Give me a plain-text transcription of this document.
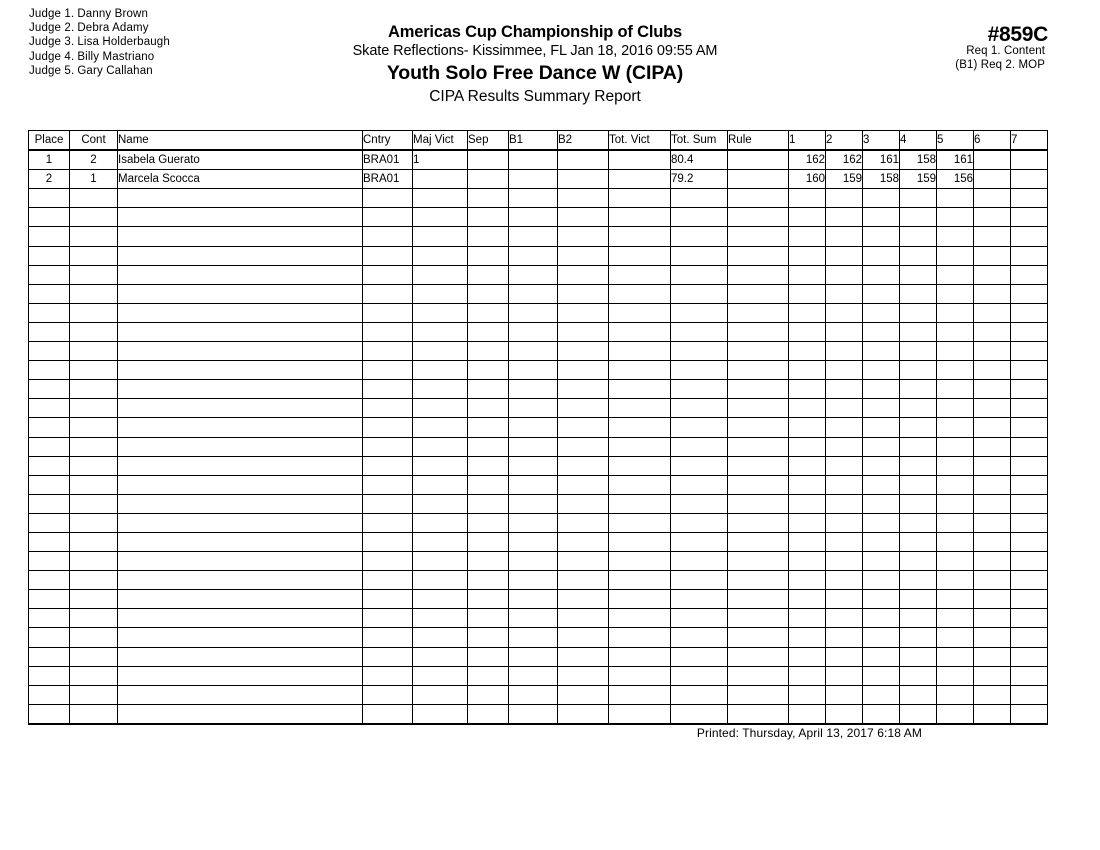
Judge 1. Danny Brown
Judge 2. Debra Adamy
Judge 3. Lisa Holderbaugh
Judge 4. Billy Mastriano
Judge 5. Gary Callahan
Americas Cup Championship of Clubs
Skate Reflections- Kissimmee, FL Jan 18, 2016 09:55 AM
Youth Solo Free Dance W (CIPA)
CIPA Results Summary Report
#859C
Req 1. Content
(B1) Req 2. MOP
Place	Cont	Name	Cntry	Maj Vict	Sep	B1	B2	Tot. Vict	Tot. Sum	Rule	1	2	3	4	5	6	7
1	2	Isabela Guerato	BRA01	1					80.4		162	162	161	158	161		
2	1	Marcela Scocca	BRA01						79.2		160	159	158	159	156		

Printed: Thursday, April 13, 2017 6:18 AM
